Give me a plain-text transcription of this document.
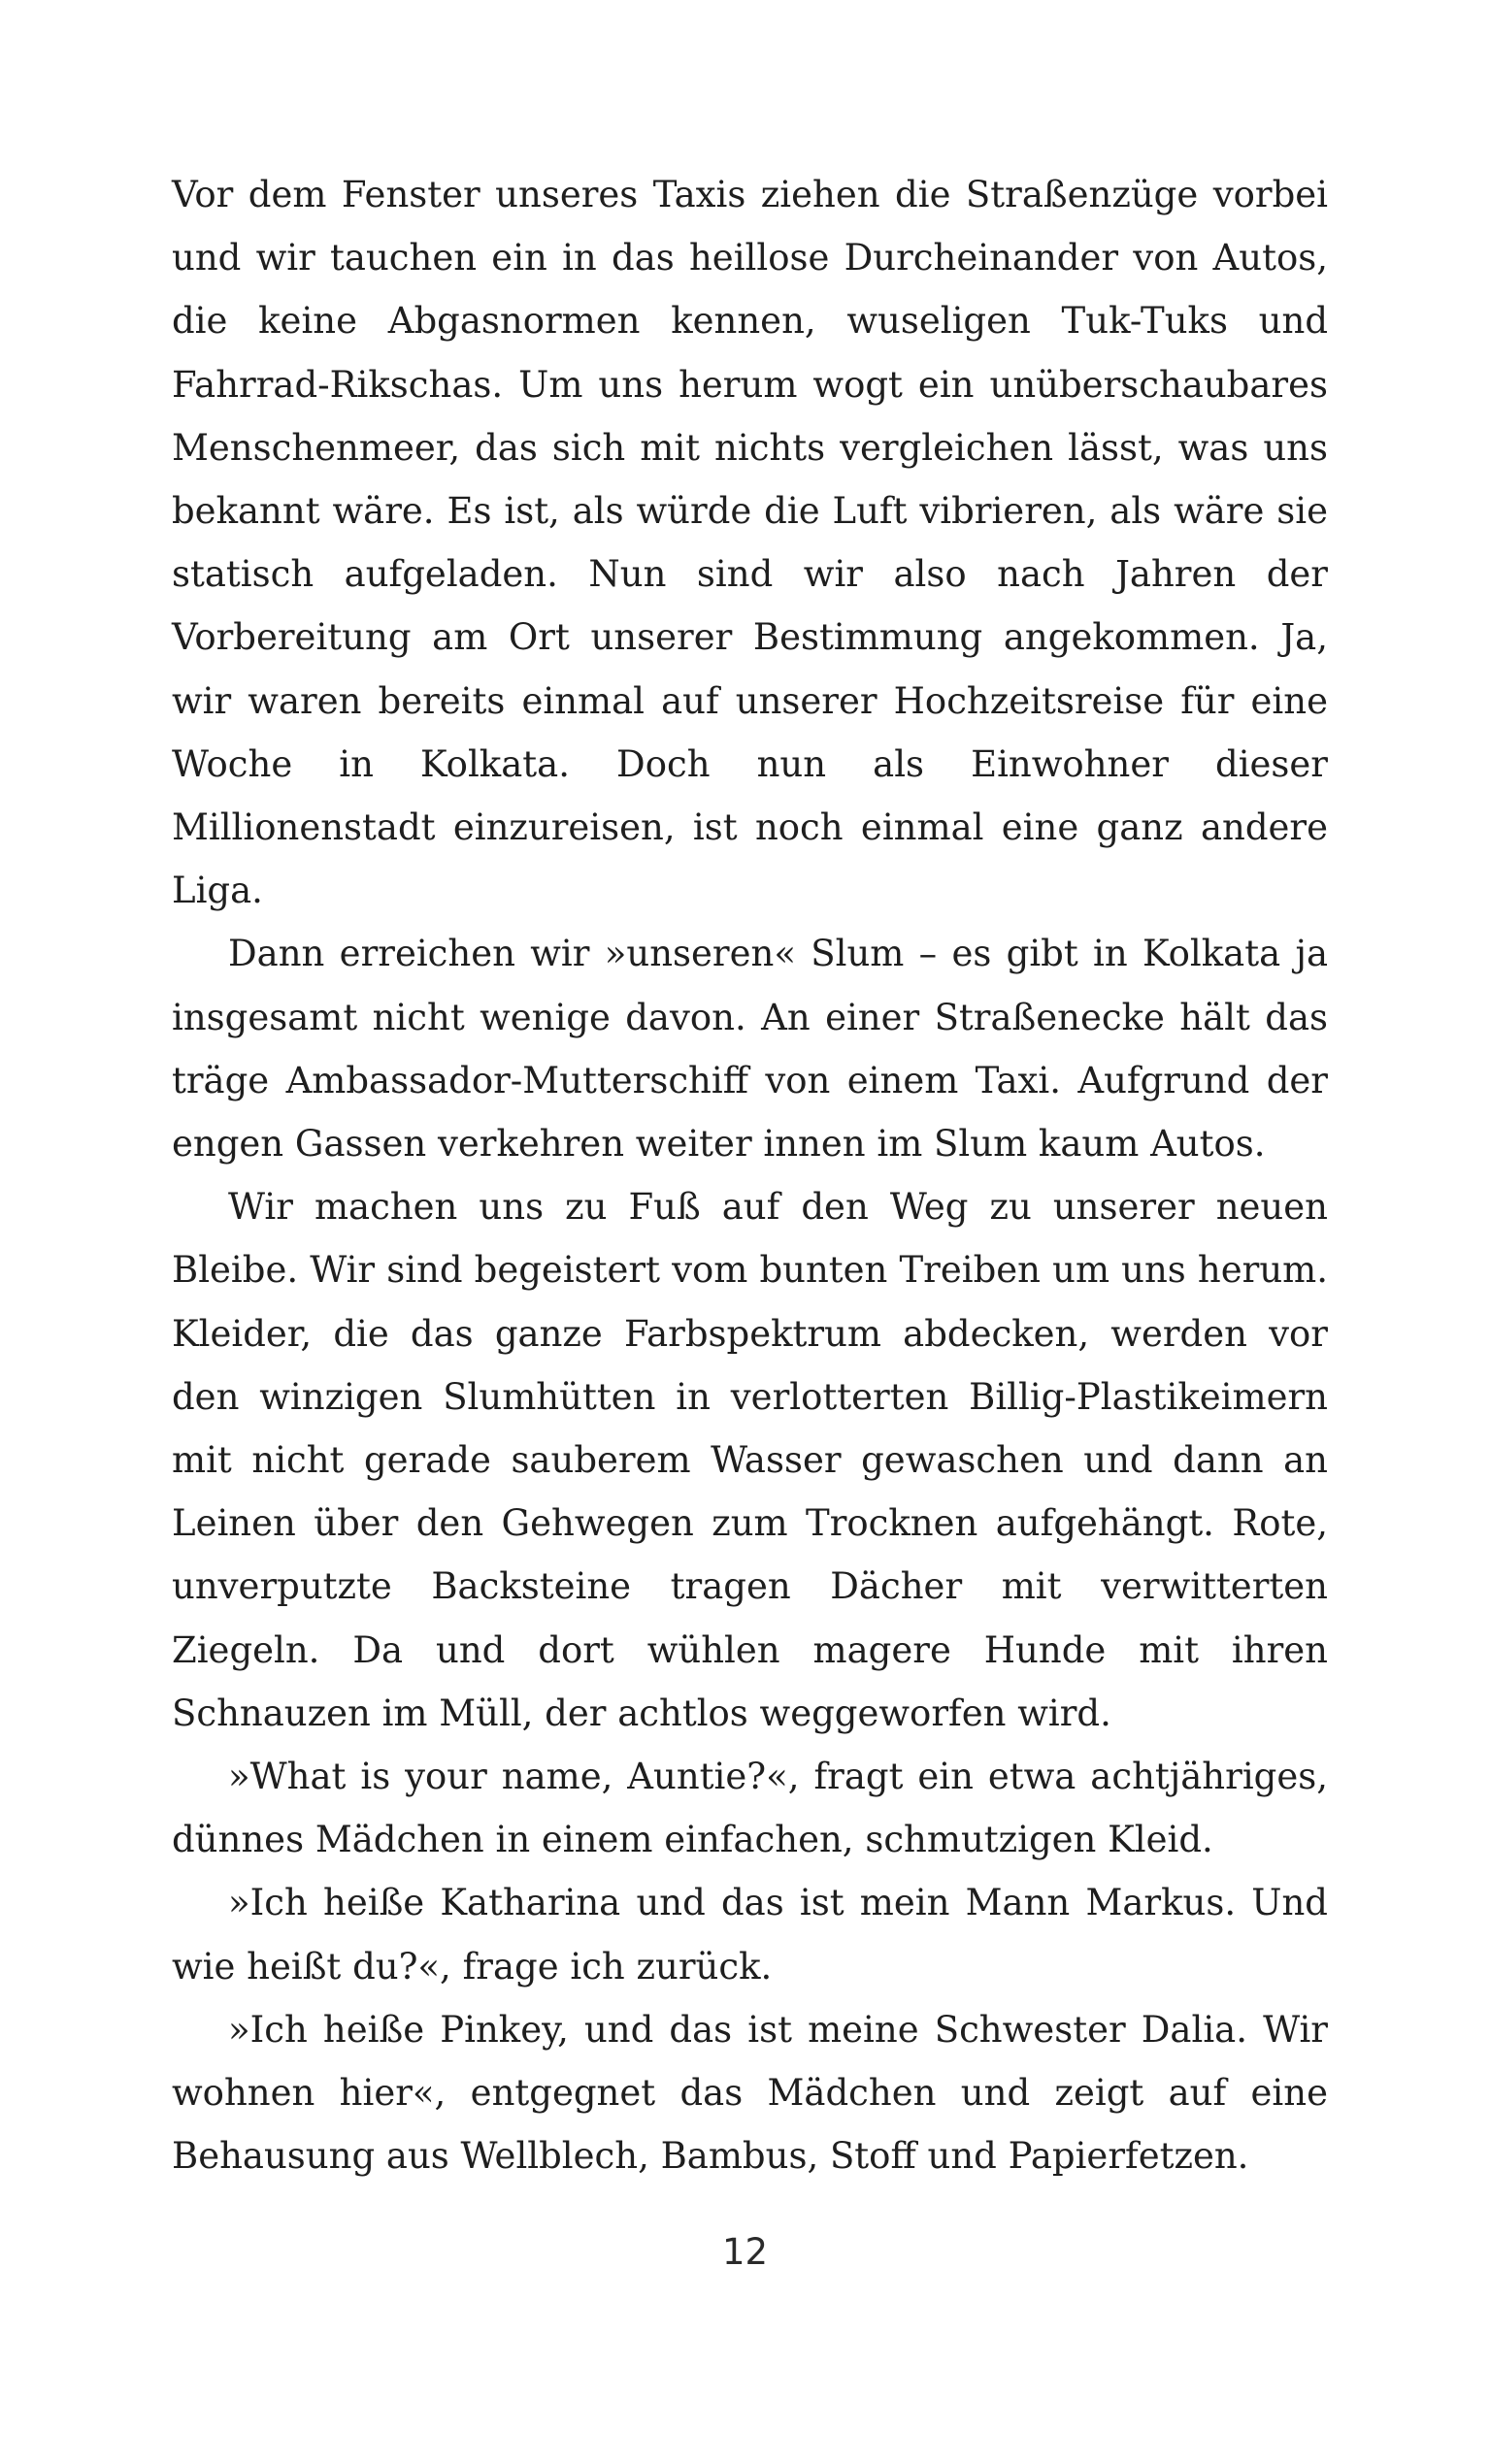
Vor dem Fenster unseres Taxis ziehen die Straßenzüge vorbei und wir tauchen ein in das heillose Durcheinander von Autos, die keine Abgasnormen kennen, wuseligen Tuk-Tuks und Fahrrad-Rikschas. Um uns herum wogt ein unüberschaubares Menschenmeer, das sich mit nichts vergleichen lässt, was uns bekannt wäre. Es ist, als würde die Luft vibrieren, als wäre sie statisch aufgeladen. Nun sind wir also nach Jahren der Vorbereitung am Ort unserer Bestimmung angekommen. Ja, wir waren bereits einmal auf unserer Hochzeitsreise für eine Woche in Kolkata. Doch nun als Einwohner dieser Millionenstadt einzureisen, ist noch einmal eine ganz andere Liga.

Dann erreichen wir »unseren« Slum – es gibt in Kolkata ja insgesamt nicht wenige davon. An einer Straßenecke hält das träge Ambassador-Mutterschiff von einem Taxi. Aufgrund der engen Gassen verkehren weiter innen im Slum kaum Autos.

Wir machen uns zu Fuß auf den Weg zu unserer neuen Bleibe. Wir sind begeistert vom bunten Treiben um uns herum. Kleider, die das ganze Farbspektrum abdecken, werden vor den winzigen Slumhütten in verlotterten Billig-Plastikeimern mit nicht gerade sauberem Wasser gewaschen und dann an Leinen über den Gehwegen zum Trocknen aufgehängt. Rote, unverputzte Backsteine tragen Dächer mit verwitterten Ziegeln. Da und dort wühlen magere Hunde mit ihren Schnauzen im Müll, der achtlos weggeworfen wird.

»What is your name, Auntie?«, fragt ein etwa achtjähriges, dünnes Mädchen in einem einfachen, schmutzigen Kleid.

»Ich heiße Katharina und das ist mein Mann Markus. Und wie heißt du?«, frage ich zurück.

»Ich heiße Pinkey, und das ist meine Schwester Dalia. Wir wohnen hier«, entgegnet das Mädchen und zeigt auf eine Behausung aus Wellblech, Bambus, Stoff und Papierfetzen.

12
